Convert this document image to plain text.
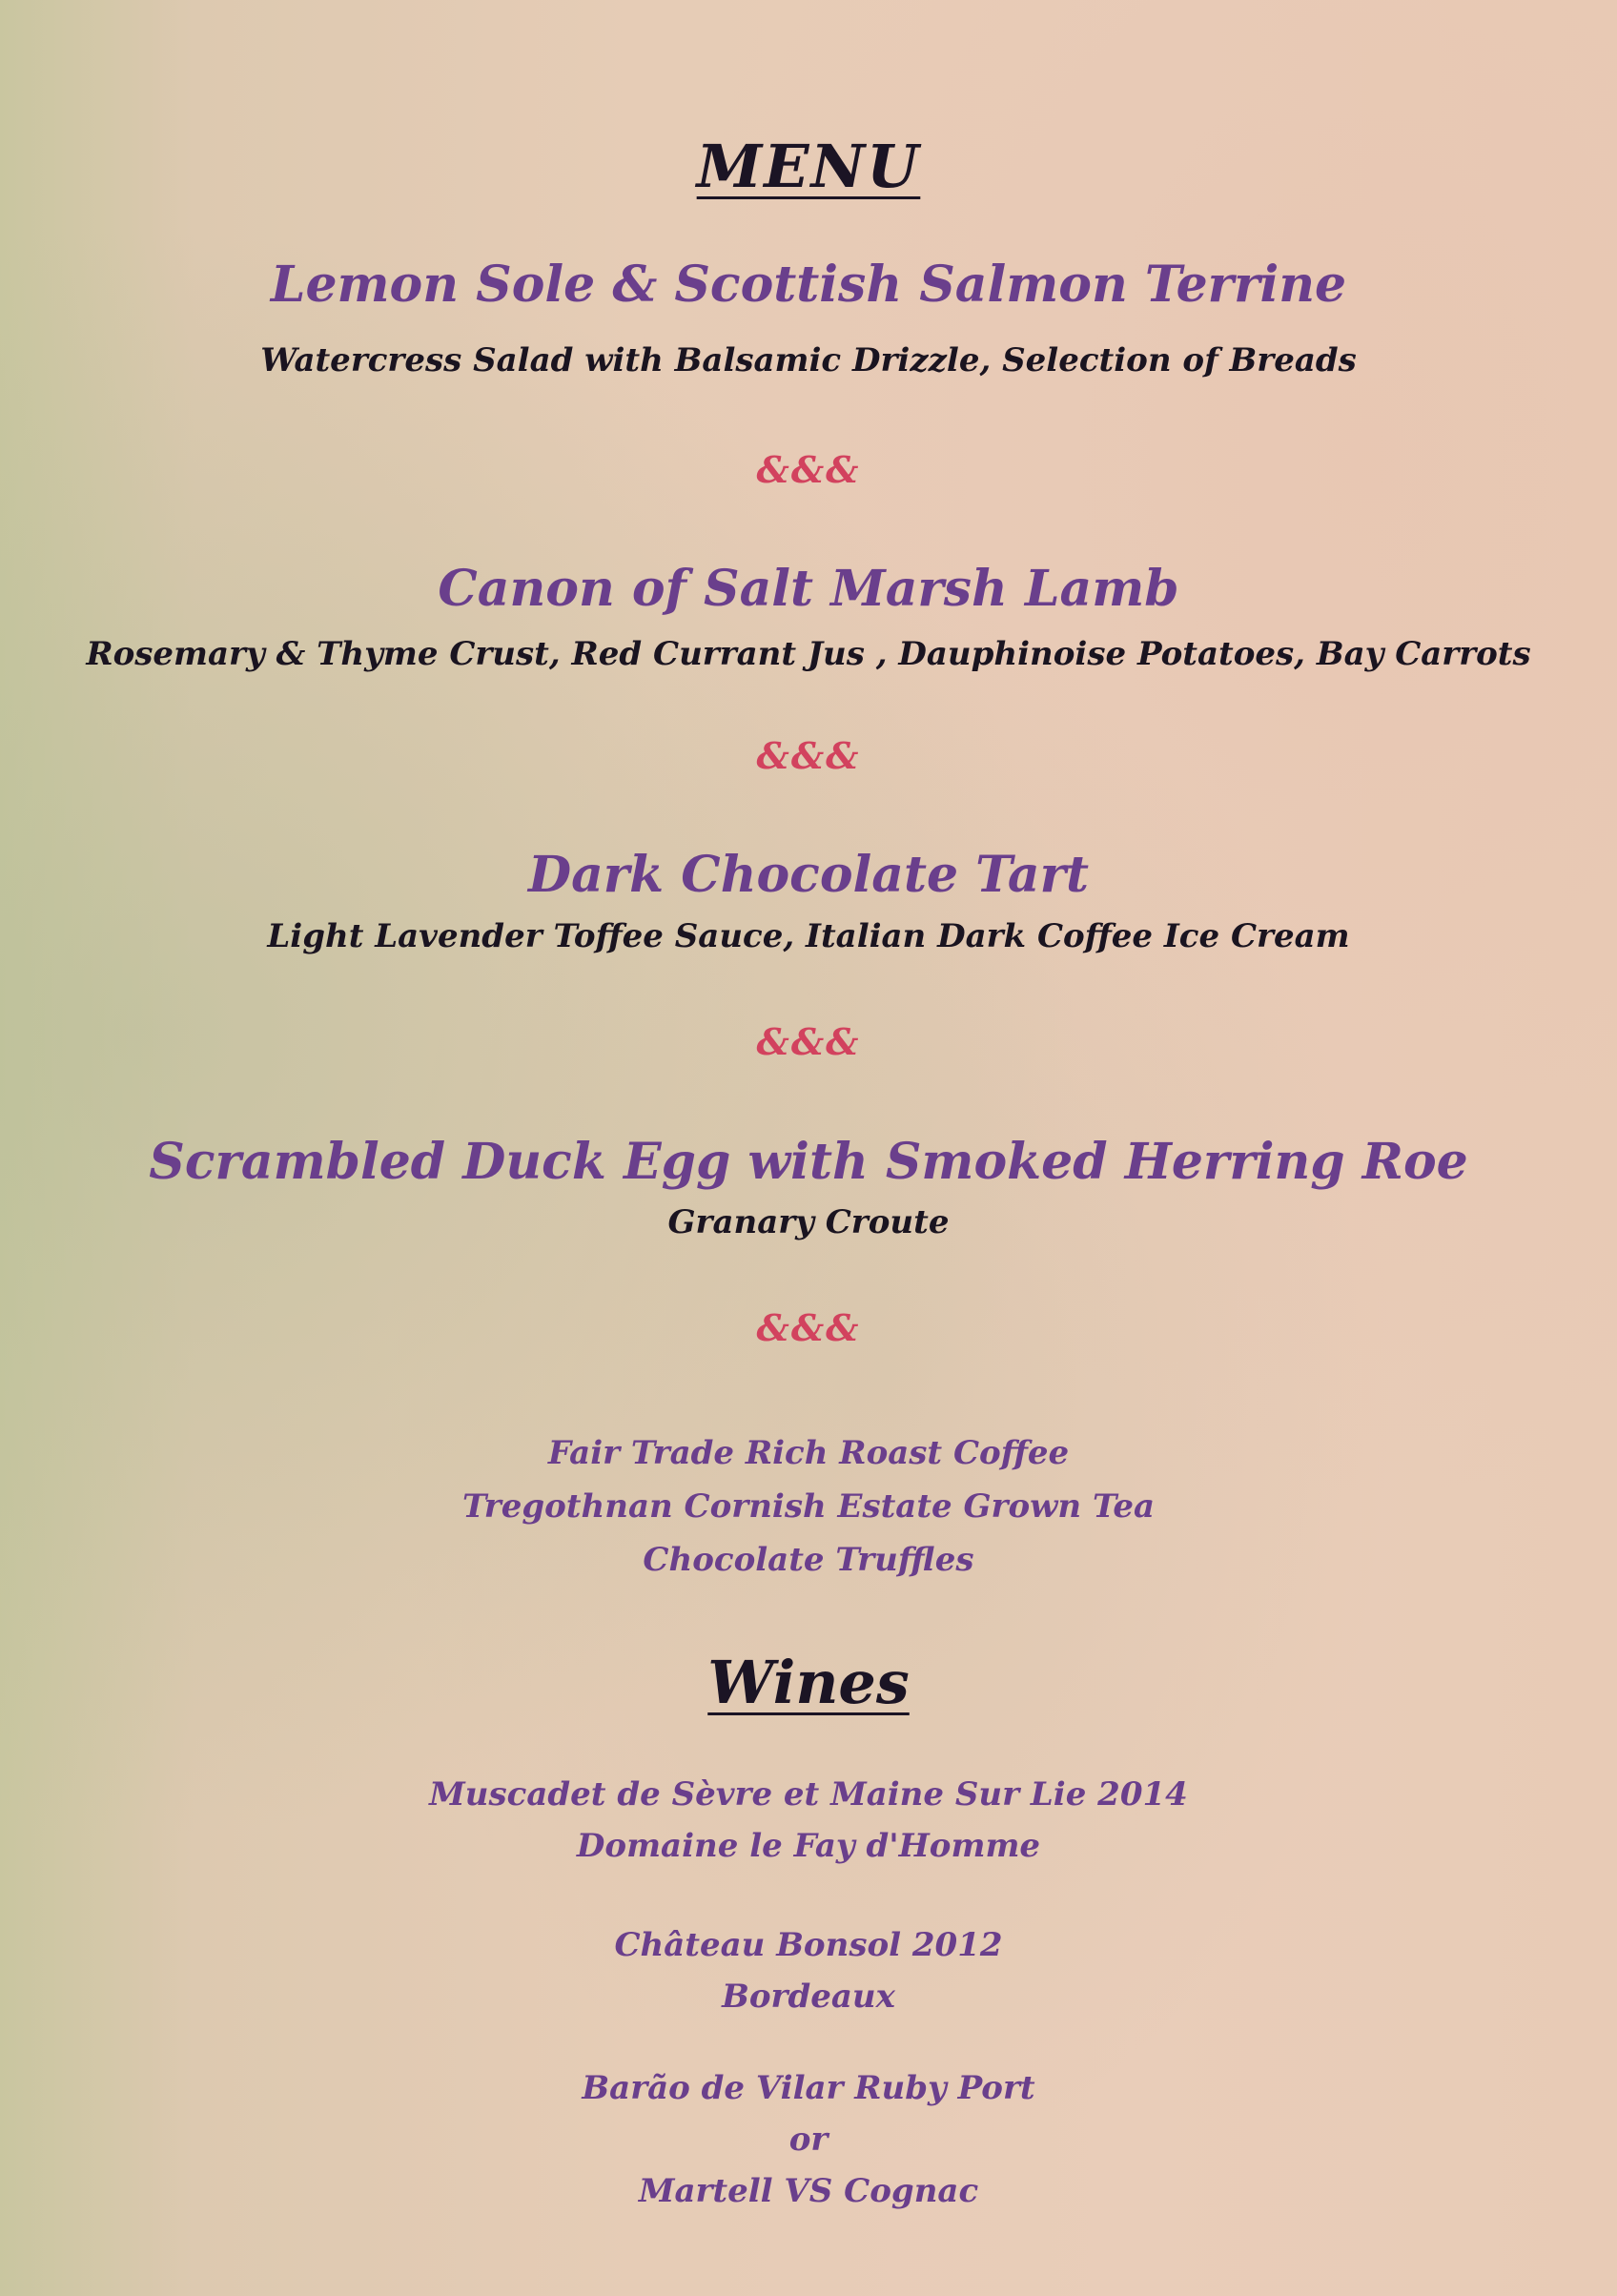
MENU
Lemon Sole & Scottish Salmon Terrine
Watercress Salad with Balsamic Drizzle, Selection of Breads
&&&
Canon of Salt Marsh Lamb
Rosemary & Thyme Crust, Red Currant Jus , Dauphinoise Potatoes, Bay Carrots
&&&
Dark Chocolate Tart
Light Lavender Toffee Sauce, Italian Dark Coffee Ice Cream
&&&
Scrambled Duck Egg with Smoked Herring Roe
Granary Croute
&&&
Fair Trade Rich Roast Coffee
Tregothnan Cornish Estate Grown Tea
Chocolate Truffles
Wines
Muscadet de Sèvre et Maine Sur Lie 2014
Domaine le Fay d'Homme
Château Bonsol 2012
Bordeaux
Barão de Vilar Ruby Port
or
Martell VS Cognac
